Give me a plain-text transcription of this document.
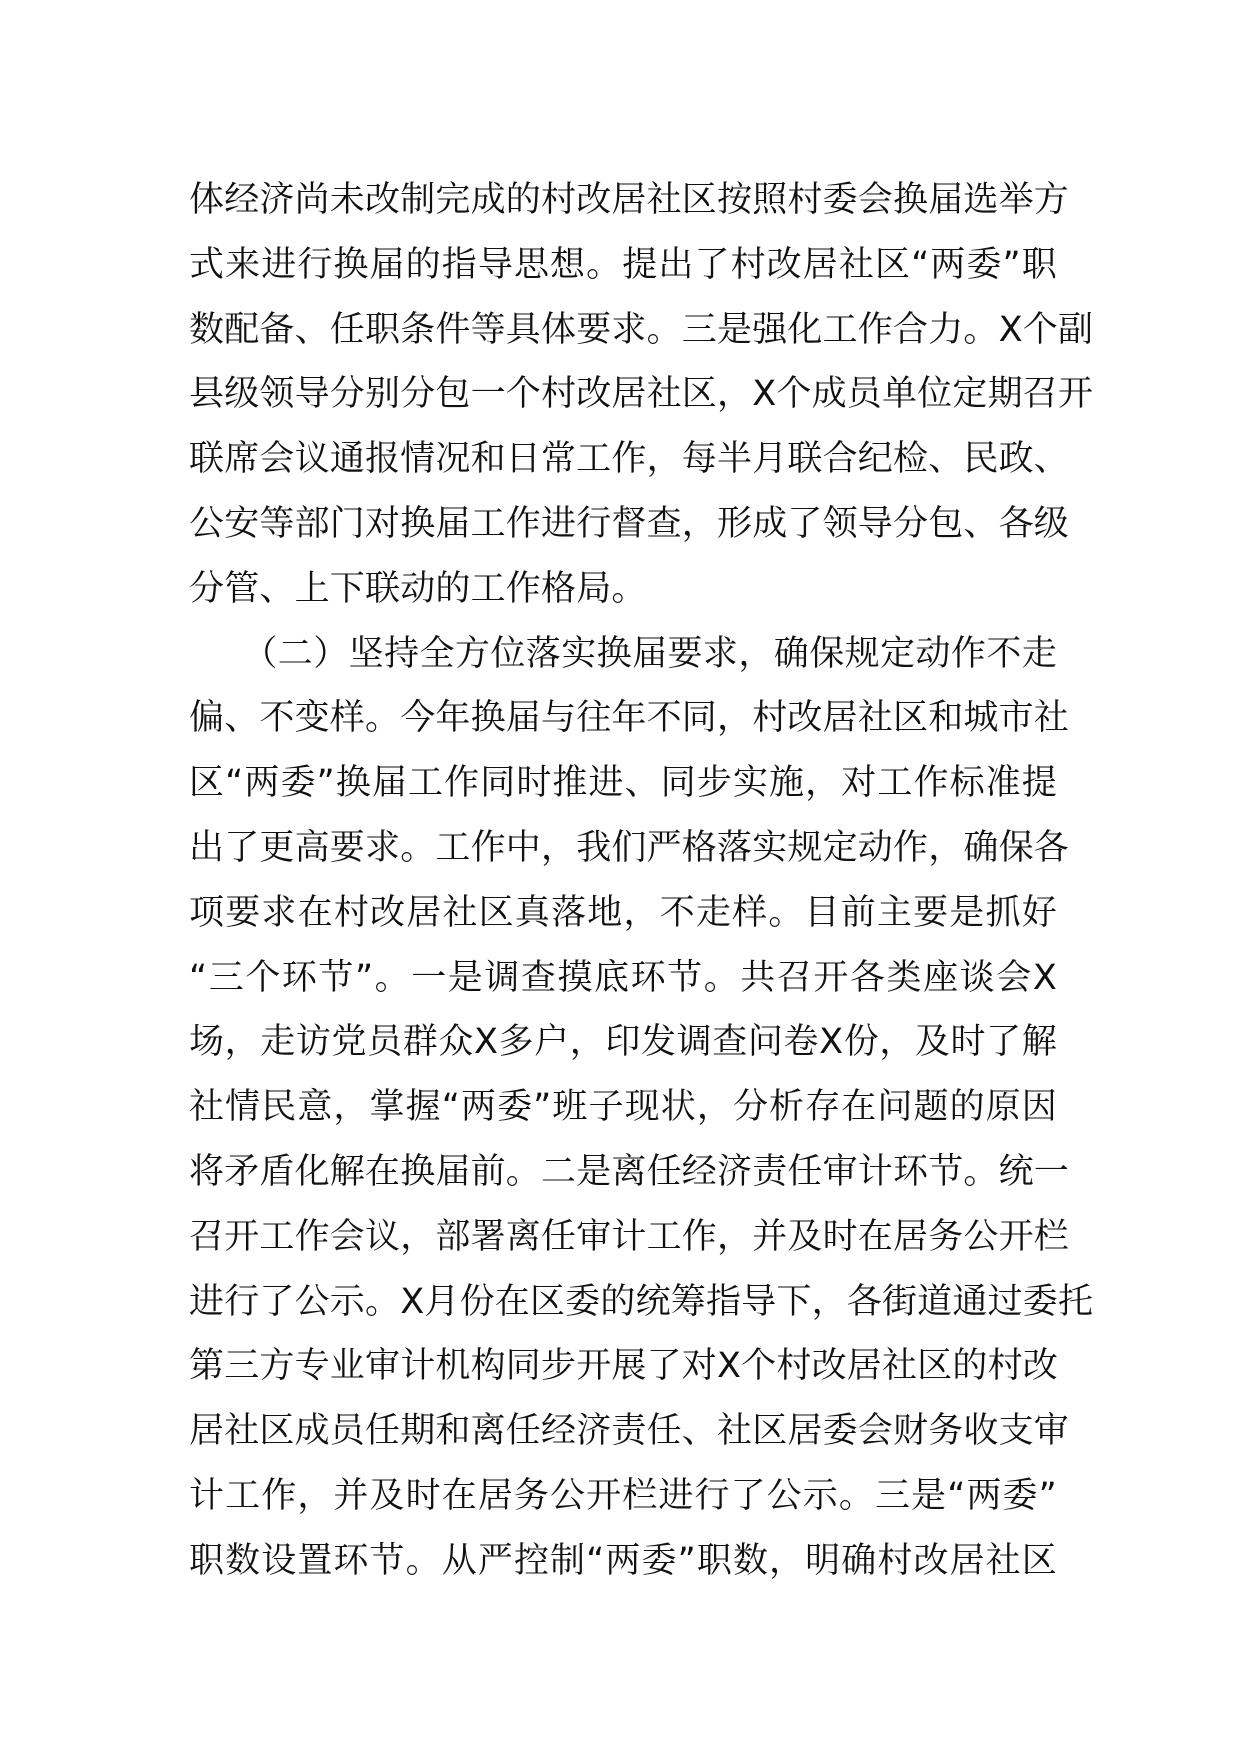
体经济尚未改制完成的村改居社区按照村委会换届选举方
式来进行换届的指导思想。提出了村改居社区“两委”职
数配备、任职条件等具体要求。三是强化工作合力。X个副
县级领导分别分包一个村改居社区，X个成员单位定期召开
联席会议通报情况和日常工作，每半月联合纪检、民政、
公安等部门对换届工作进行督查，形成了领导分包、各级
分管、上下联动的工作格局。
　　（二）坚持全方位落实换届要求，确保规定动作不走
偏、不变样。今年换届与往年不同，村改居社区和城市社
区“两委”换届工作同时推进、同步实施，对工作标准提
出了更高要求。工作中，我们严格落实规定动作，确保各
项要求在村改居社区真落地，不走样。目前主要是抓好
“三个环节”。一是调查摸底环节。共召开各类座谈会X
场，走访党员群众X多户，印发调查问卷X份，及时了解
社情民意，掌握“两委”班子现状，分析存在问题的原因
将矛盾化解在换届前。二是离任经济责任审计环节。统一
召开工作会议，部署离任审计工作，并及时在居务公开栏
进行了公示。X月份在区委的统筹指导下，各街道通过委托
第三方专业审计机构同步开展了对X个村改居社区的村改
居社区成员任期和离任经济责任、社区居委会财务收支审
计工作，并及时在居务公开栏进行了公示。三是“两委”
职数设置环节。从严控制“两委”职数，明确村改居社区
